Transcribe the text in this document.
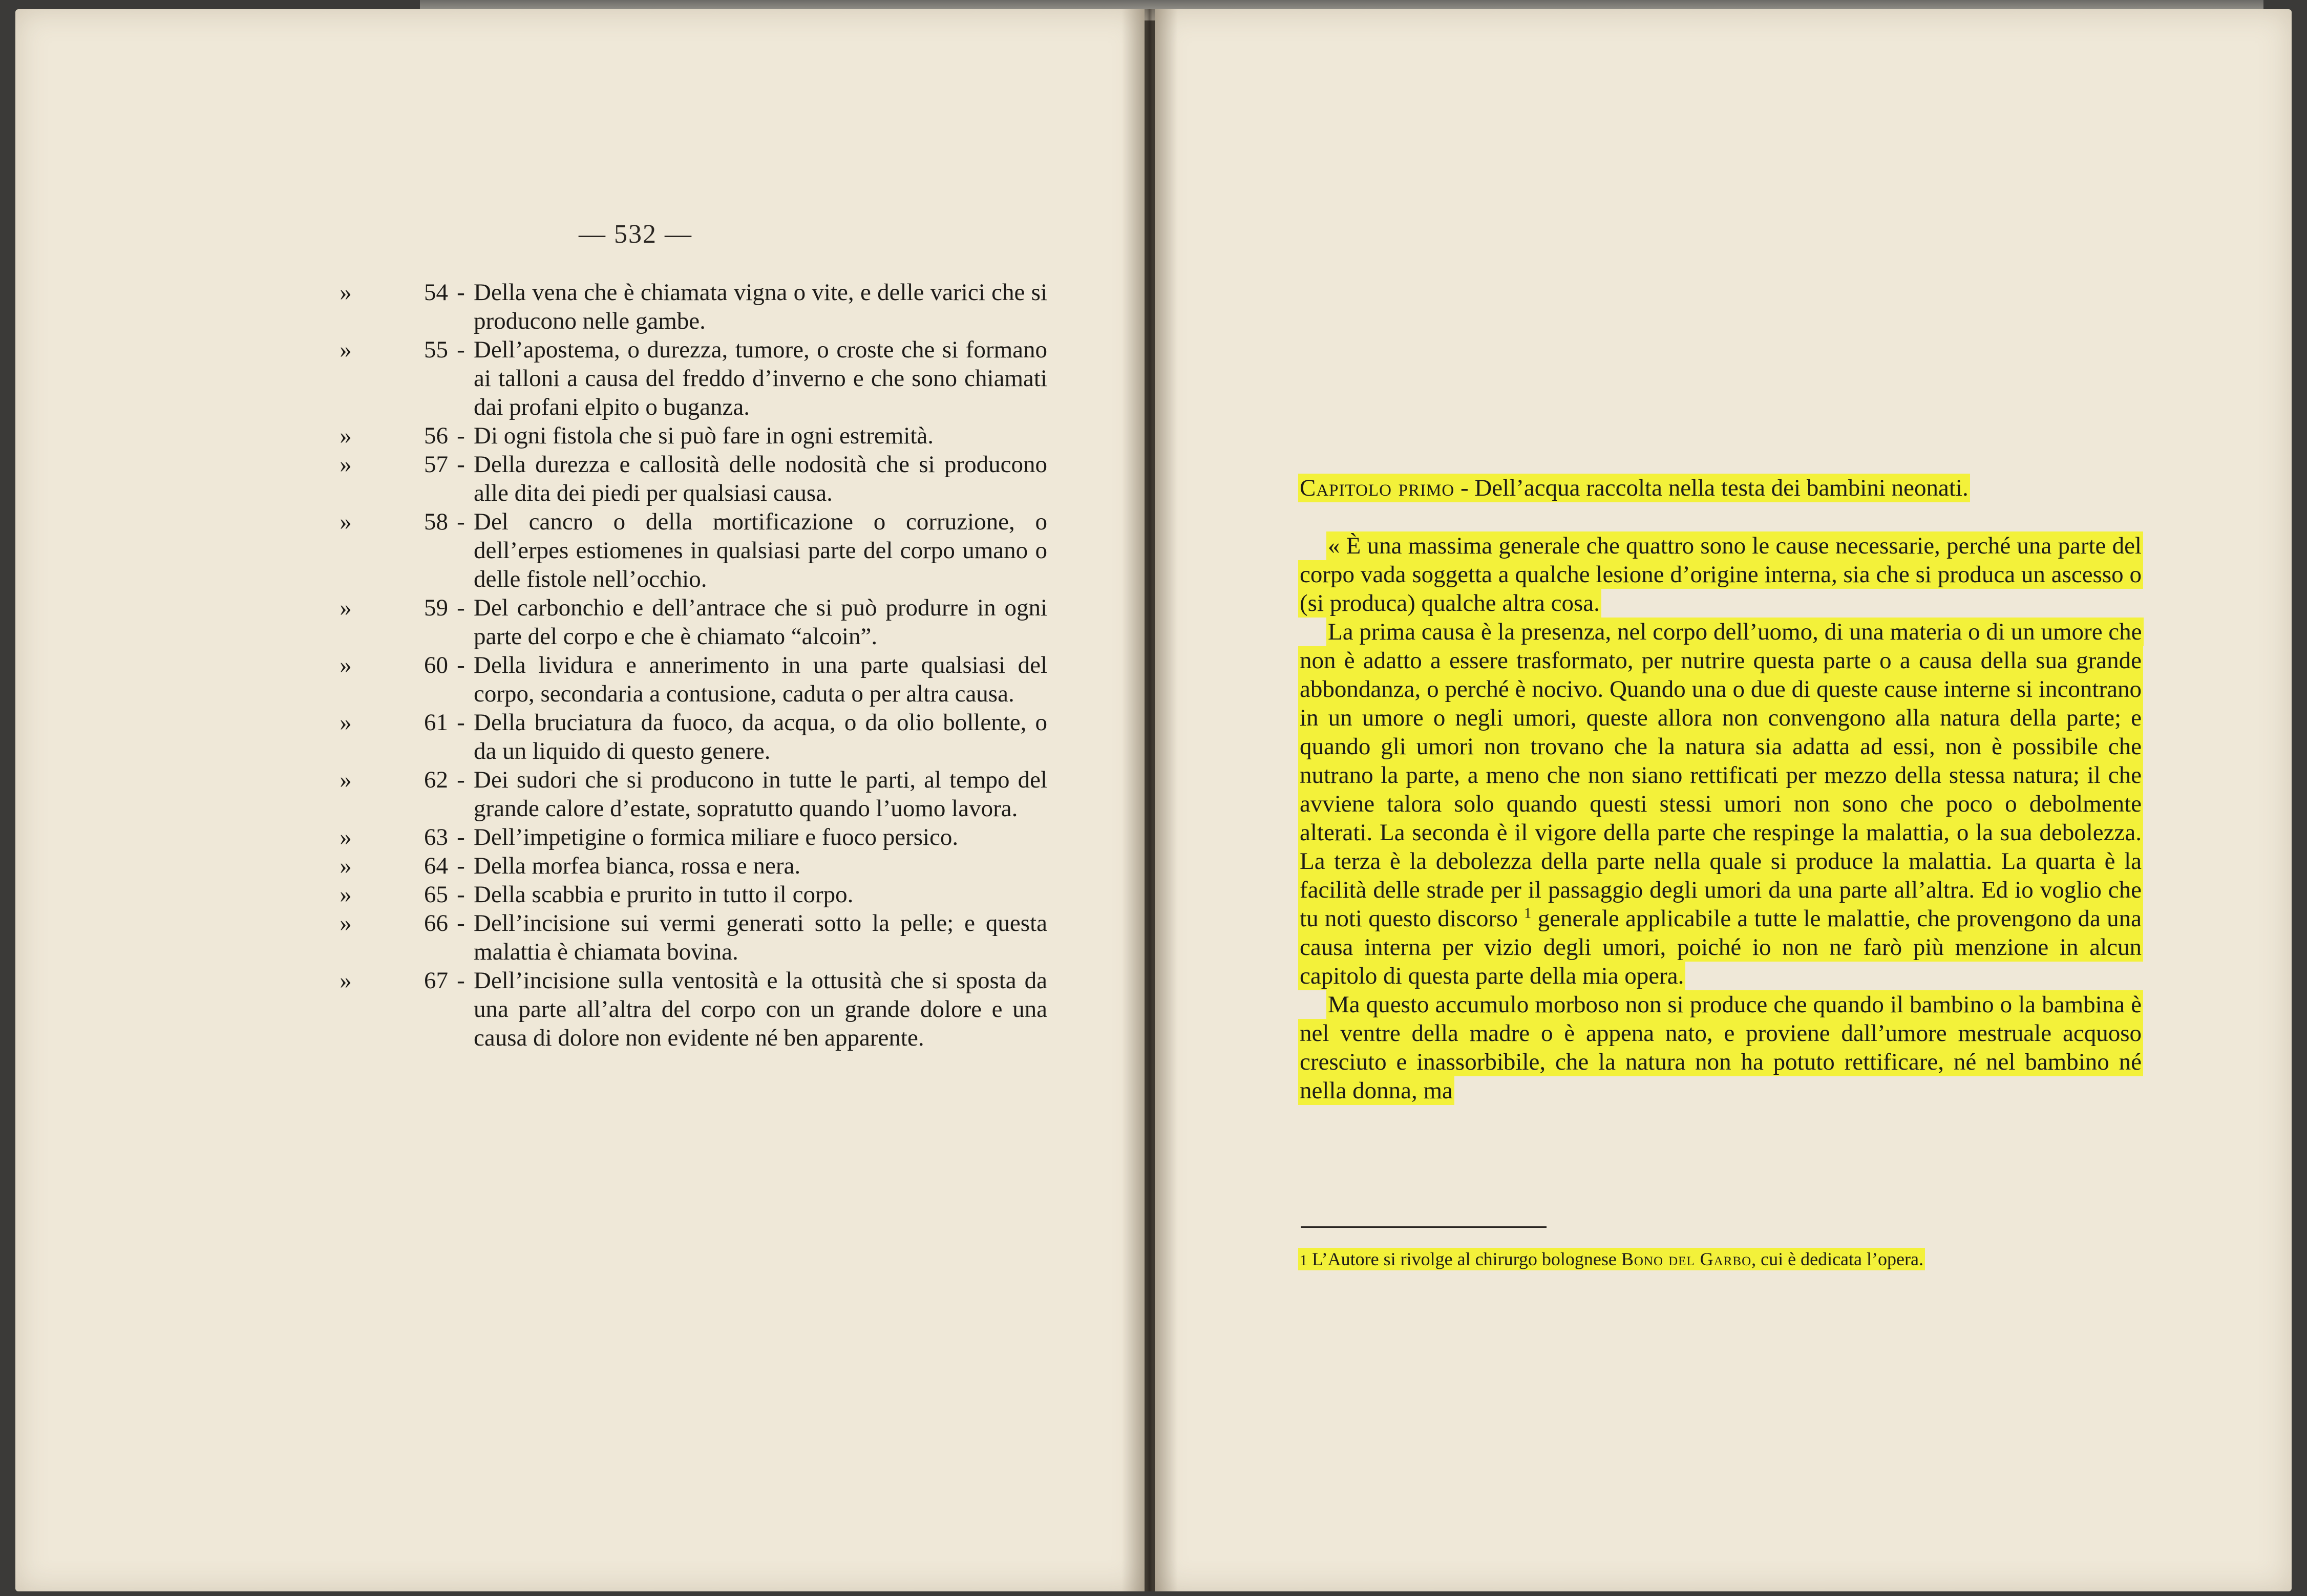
— 532 —
»	54 - Della vena che è chiamata vigna o vite, e delle varici che si producono nelle gambe.
»	55 - Dell’apostema, o durezza, tumore, o croste che si formano ai talloni a causa del freddo d’inverno e che sono chiamati dai profani elpito o buganza.
»	56 - Di ogni fistola che si può fare in ogni estremità.
»	57 - Della durezza e callosità delle nodosità che si producono alle dita dei piedi per qualsiasi causa.
»	58 - Del cancro o della mortificazione o corruzione, o dell’erpes estiomenes in qualsiasi parte del corpo umano o delle fistole nell’occhio.
»	59 - Del carbonchio e dell’antrace che si può produrre in ogni parte del corpo e che è chiamato “alcoin”.
»	60 - Della lividura e annerimento in una parte qualsiasi del corpo, secondaria a contusione, caduta o per altra causa.
»	61 - Della bruciatura da fuoco, da acqua, o da olio bollente, o da un liquido di questo genere.
»	62 - Dei sudori che si producono in tutte le parti, al tempo del grande calore d’estate, sopratutto quando l’uomo lavora.
»	63 - Dell’impetigine o formica miliare e fuoco persico.
»	64 - Della morfea bianca, rossa e nera.
»	65 - Della scabbia e prurito in tutto il corpo.
»	66 - Dell’incisione sui vermi generati sotto la pelle; e questa malattia è chiamata bovina.
»	67 - Dell’incisione sulla ventosità e la ottusità che si sposta da una parte all’altra del corpo con un grande dolore e una causa di dolore non evidente né ben apparente.
Capitolo primo - Dell’acqua raccolta nella testa dei bambini neonati.

« È una massima generale che quattro sono le cause necessarie, perché una parte del corpo vada soggetta a qualche lesione d’origine interna, sia che si produca un ascesso o (si produca) qualche altra cosa.

La prima causa è la presenza, nel corpo dell’uomo, di una materia o di un umore che non è adatto a essere trasformato, per nutrire questa parte o a causa della sua grande abbondanza, o perché è nocivo. Quando una o due di queste cause interne si incontrano in un umore o negli umori, queste allora non convengono alla natura della parte; e quando gli umori non trovano che la natura sia adatta ad essi, non è possibile che nutrano la parte, a meno che non siano rettificati per mezzo della stessa natura; il che avviene talora solo quando questi stessi umori non sono che poco o debolmente alterati. La seconda è il vigore della parte che respinge la malattia, o la sua debolezza. La terza è la debolezza della parte nella quale si produce la malattia. La quarta è la facilità delle strade per il passaggio degli umori da una parte all’altra. Ed io voglio che tu noti questo discorso $^1$ generale applicabile a tutte le malattie, che provengono da una causa interna per vizio degli umori, poiché io non ne farò più menzione in alcun capitolo di questa parte della mia opera.

Ma questo accumulo morboso non si produce che quando il bambino o la bambina è nel ventre della madre o è appena nato, e proviene dall’umore mestruale acquoso cresciuto e inassorbibile, che la natura non ha potuto rettificare, né nel bambino né nella donna, ma

1 L’Autore si rivolge al chirurgo bolognese Bono del Garbo, cui è dedicata l’opera.
